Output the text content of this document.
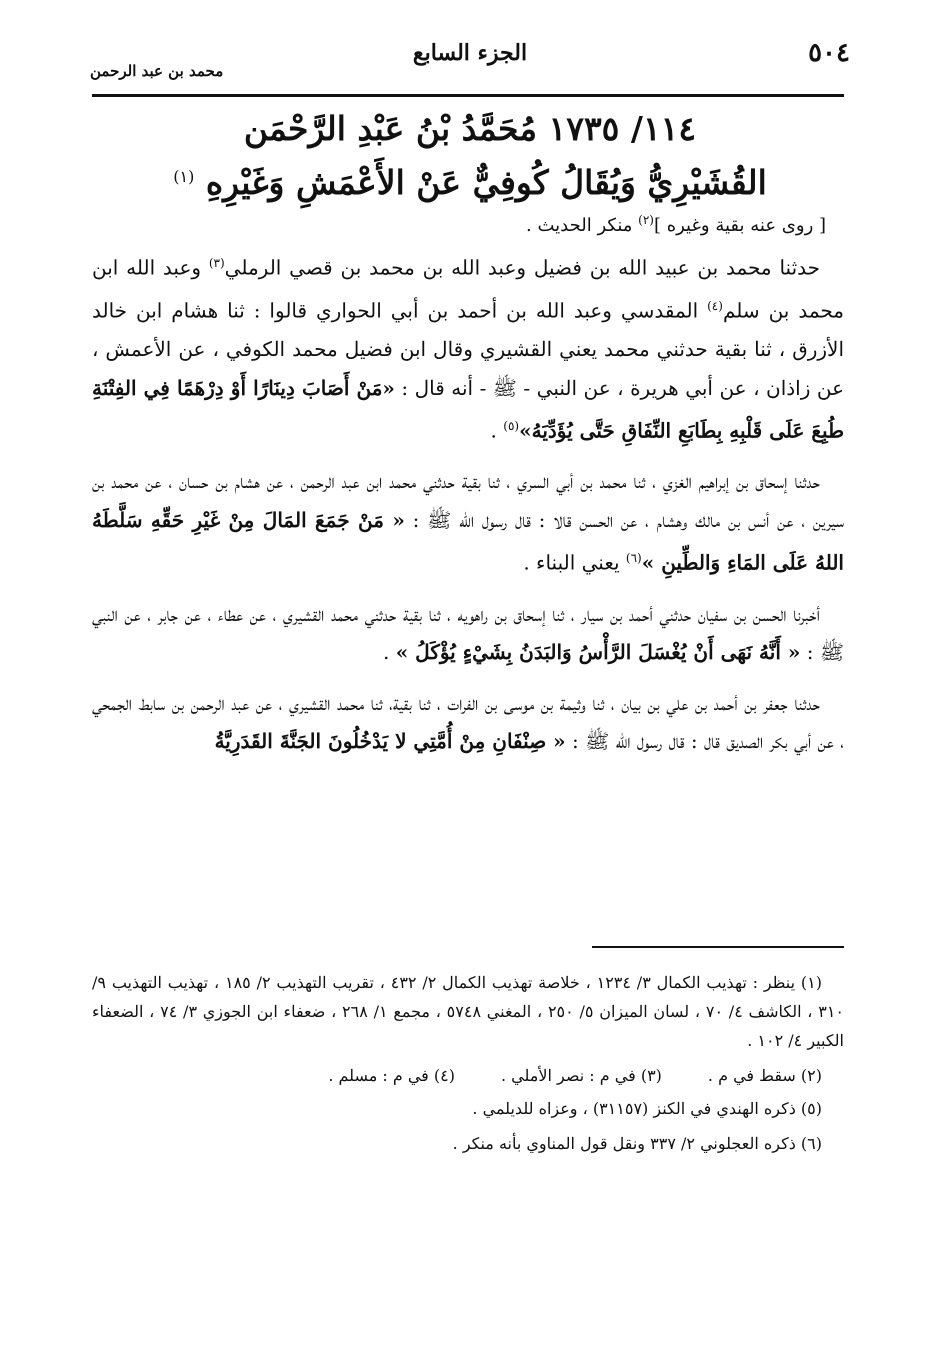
٥٠٤
الجزء السابع
محمد بن عبد الرحمن
١١٤/ ١٧٣٥ مُحَمَّدُ بْنُ عَبْدِ الرَّحْمَن
القُشَيْرِيُّ وَيُقَالُ كُوفِيٌّ عَنْ الأَعْمَشِ وَغَيْرِهِ $^{(١)}$
[ روى عنه بقية وغيره ]$^{(٢)}$ منكر الحديث .

حدثنا محمد بن عبيد الله بن فضيل وعبد الله بن محمد بن قصي الرملي$^{(٣)}$ وعبد الله ابن محمد بن سلم$^{(٤)}$ المقدسي وعبد الله بن أحمد بن أبي الحواري قالوا : ثنا هشام ابن خالد الأزرق ، ثنا بقية حدثني محمد يعني القشيري وقال ابن فضيل محمد الكوفي ، عن الأعمش ، عن زاذان ، عن أبي هريرة ، عن النبي - ﷺ - أنه قال : «مَنْ أَصَابَ دِينَارًا أَوْ دِرْهَمًا فِي الفِتْنَةِ طُبِعَ عَلَى قَلْبِهِ بِطَابَعِ النِّفَاقِ حَتَّى يُؤَدِّيَهُ»$^{(٥)}$ .

حدثنا إسحاق بن إبراهيم الغزي ، ثنا محمد بن أبي السري ، ثنا بقية حدثني محمد ابن عبد الرحمن ، عن هشام بن حسان ، عن محمد بن سيرين ، عن أنس بن مالك وهشام ، عن الحسن قالا : قال رسول الله ﷺ : « مَنْ جَمَعَ المَالَ مِنْ غَيْرِ حَقِّهِ سَلَّطَهُ اللهُ عَلَى المَاءِ وَالطِّينِ »$^{(٦)}$ يعني البناء .

أخبرنا الحسن بن سفيان حدثني أحمد بن سيار ، ثنا إسحاق بن راهويه ، ثنا بقية حدثني محمد القشيري ، عن عطاء ، عن جابر ، عن النبي ﷺ : « أَنَّهُ نَهَى أَنْ يُغْسَلَ الرَّأْسُ وَالبَدَنُ بِشَيْءٍ يُؤْكَلُ » .

حدثنا جعفر بن أحمد بن علي بن بيان ، ثنا وثيمة بن موسى بن الفرات ، ثنا بقية، ثنا محمد القشيري ، عن عبد الرحمن بن سابط الجمحي ، عن أبي بكر الصديق قال : قال رسول الله ﷺ : « صِنْفَانِ مِنْ أُمَّتِي لا يَدْخُلُونَ الجَنَّةَ القَدَرِيَّةُ

(١) ينظر : تهذيب الكمال ٣/ ١٢٣٤ ، خلاصة تهذيب الكمال ٢/ ٤٣٢ ، تقريب التهذيب ٢/ ١٨٥ ، تهذيب التهذيب ٩/ ٣١٠ ، الكاشف ٤/ ٧٠ ، لسان الميزان ٥/ ٢٥٠ ، المغني ٥٧٤٨ ، مجمع ١/ ٢٦٨ ، ضعفاء ابن الجوزي ٣/ ٧٤ ، الضعفاء الكبير ٤/ ١٠٢ .
(٢) سقط في م .
(٣) في م : نصر الأملي .
(٤) في م : مسلم .
(٥) ذكره الهندي في الكنز (٣١١٥٧) ، وعزاه للديلمي .
(٦) ذكره العجلوني ٢/ ٣٣٧ ونقل قول المناوي بأنه منكر .
